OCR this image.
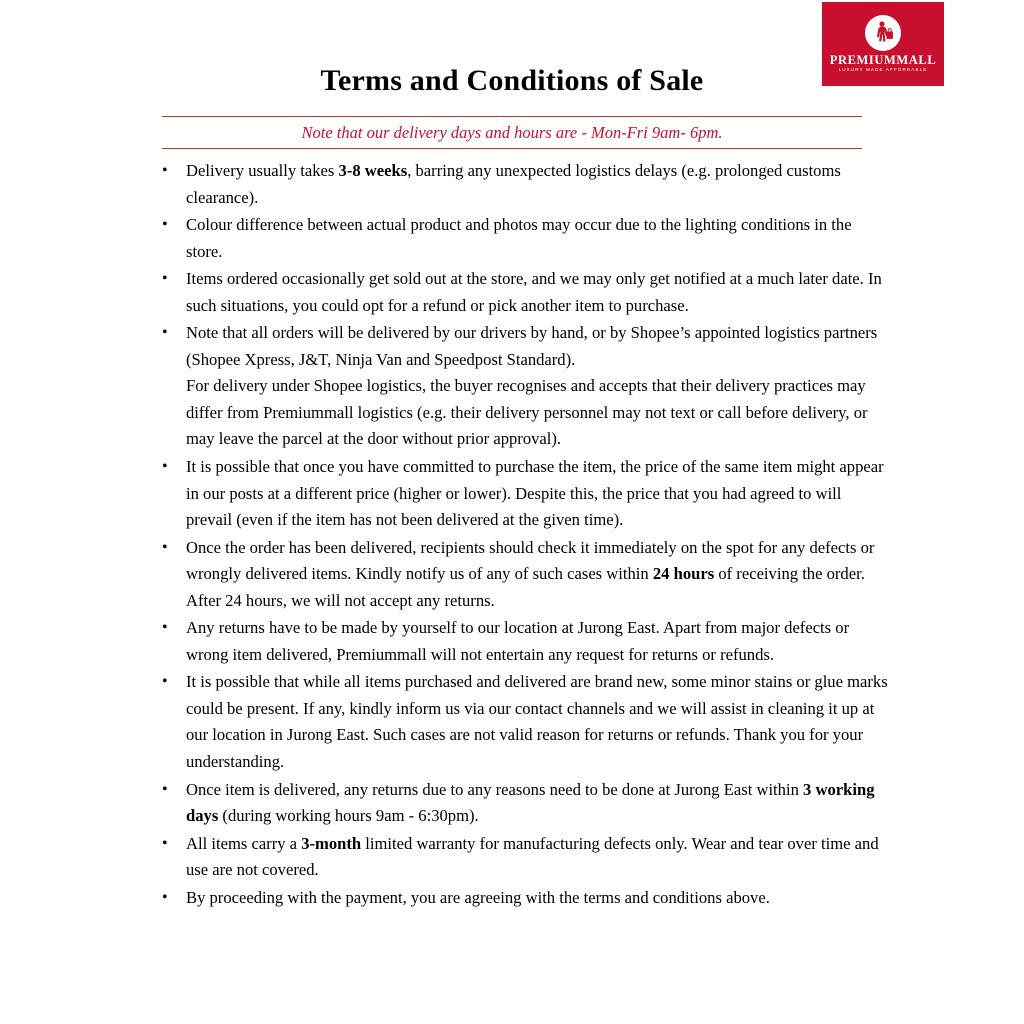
PREMIUMMALL
LUXURY MADE AFFORDABLE
Terms and Conditions of Sale
Note that our delivery days and hours are - Mon-Fri 9am- 6pm.
• Delivery usually takes 3-8 weeks, barring any unexpected logistics delays (e.g. prolonged customs clearance).

• Colour difference between actual product and photos may occur due to the lighting conditions in the store.

• Items ordered occasionally get sold out at the store, and we may only get notified at a much later date. In such situations, you could opt for a refund or pick another item to purchase.

• Note that all orders will be delivered by our drivers by hand, or by Shopee’s appointed logistics partners (Shopee Xpress, J&T, Ninja Van and Speedpost Standard).
For delivery under Shopee logistics, the buyer recognises and accepts that their delivery practices may differ from Premiummall logistics (e.g. their delivery personnel may not text or call before delivery, or may leave the parcel at the door without prior approval).

• It is possible that once you have committed to purchase the item, the price of the same item might appear in our posts at a different price (higher or lower). Despite this, the price that you had agreed to will prevail (even if the item has not been delivered at the given time).

• Once the order has been delivered, recipients should check it immediately on the spot for any defects or wrongly delivered items. Kindly notify us of any of such cases within 24 hours of receiving the order. After 24 hours, we will not accept any returns.

• Any returns have to be made by yourself to our location at Jurong East. Apart from major defects or wrong item delivered, Premiummall will not entertain any request for returns or refunds.

• It is possible that while all items purchased and delivered are brand new, some minor stains or glue marks could be present. If any, kindly inform us via our contact channels and we will assist in cleaning it up at our location in Jurong East. Such cases are not valid reason for returns or refunds. Thank you for your understanding.

• Once item is delivered, any returns due to any reasons need to be done at Jurong East within 3 working days (during working hours 9am - 6:30pm).

• All items carry a 3-month limited warranty for manufacturing defects only. Wear and tear over time and use are not covered.

• By proceeding with the payment, you are agreeing with the terms and conditions above.
